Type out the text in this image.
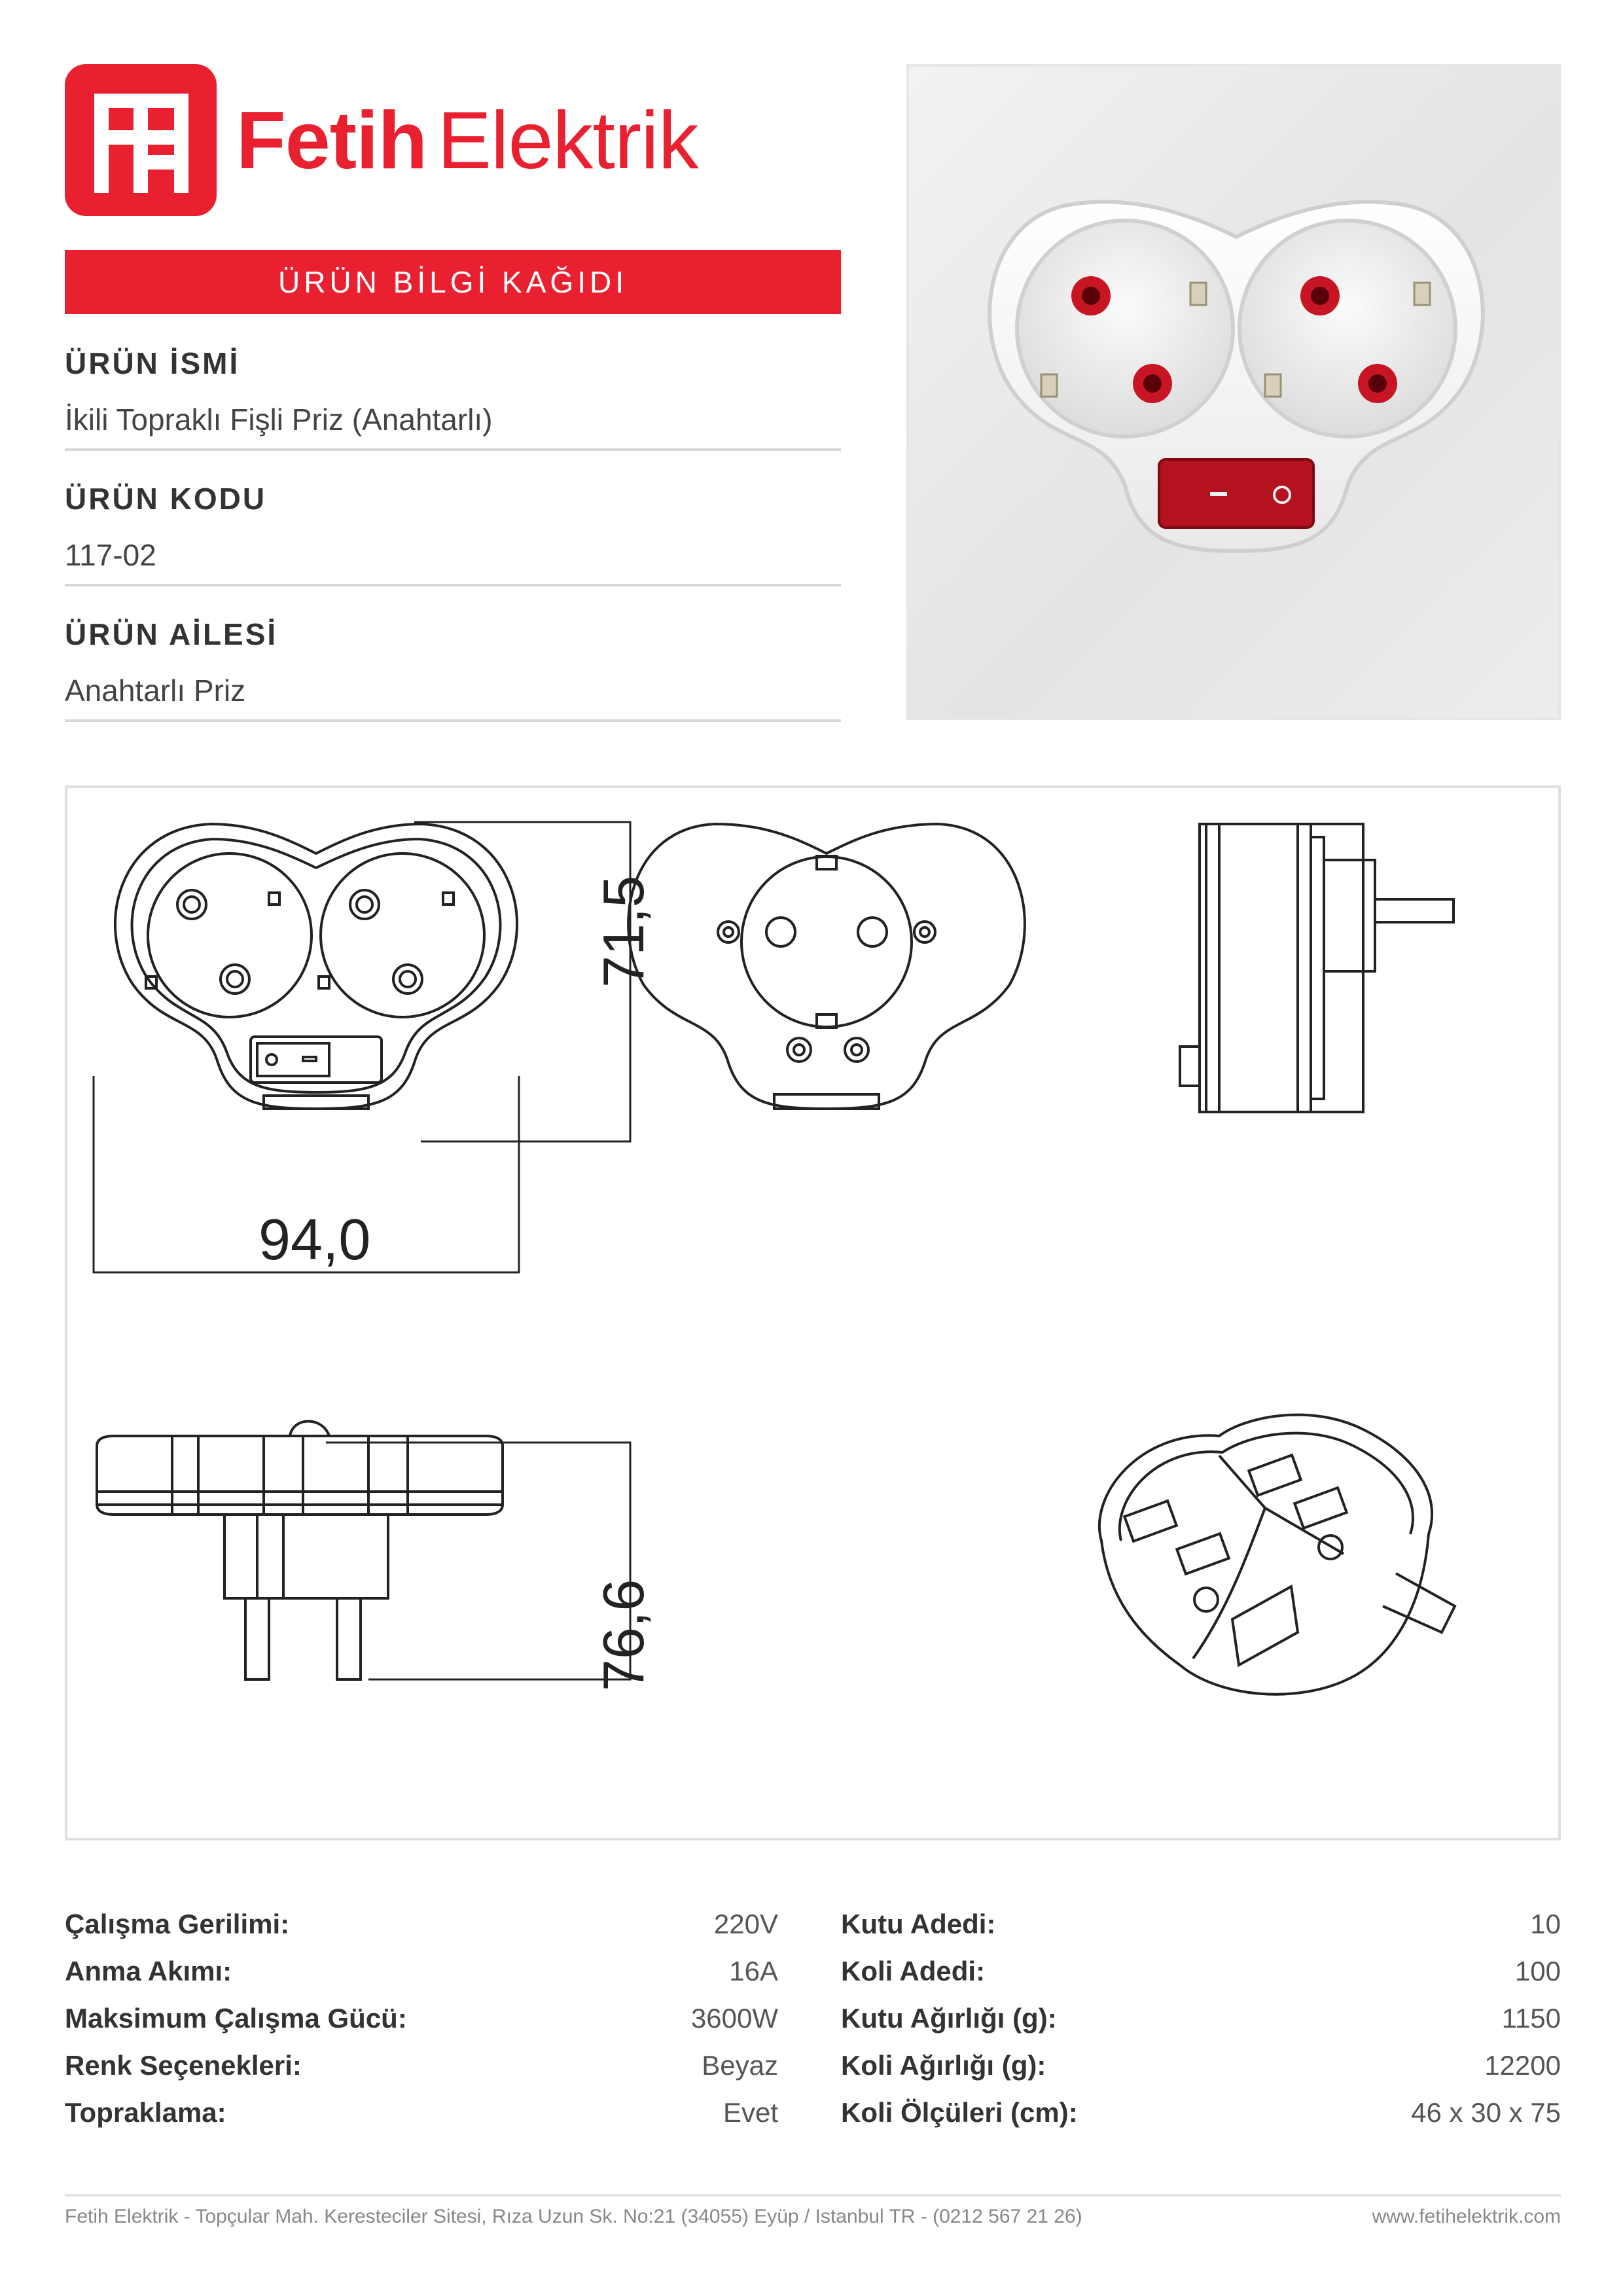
Fetih Elektrik
ÜRÜN BİLGİ KAĞIDI
ÜRÜN İSMİ
İkili Topraklı Fişli Priz (Anahtarlı)
ÜRÜN KODU
117-02
ÜRÜN AİLESİ
Anahtarlı Priz
94,0
71,5
76,6
Çalışma Gerilimi:	220V
Anma Akımı:	16A
Maksimum Çalışma Gücü:	3600W
Renk Seçenekleri:	Beyaz
Topraklama:	Evet
Kutu Adedi:	10
Koli Adedi:	100
Kutu Ağırlığı (g):	1150
Koli Ağırlığı (g):	12200
Koli Ölçüleri (cm):	46 x 30 x 75
Fetih Elektrik - Topçular Mah. Keresteciler Sitesi, Rıza Uzun Sk. No:21 (34055) Eyüp / Istanbul TR - (0212 567 21 26)	www.fetihelektrik.com
